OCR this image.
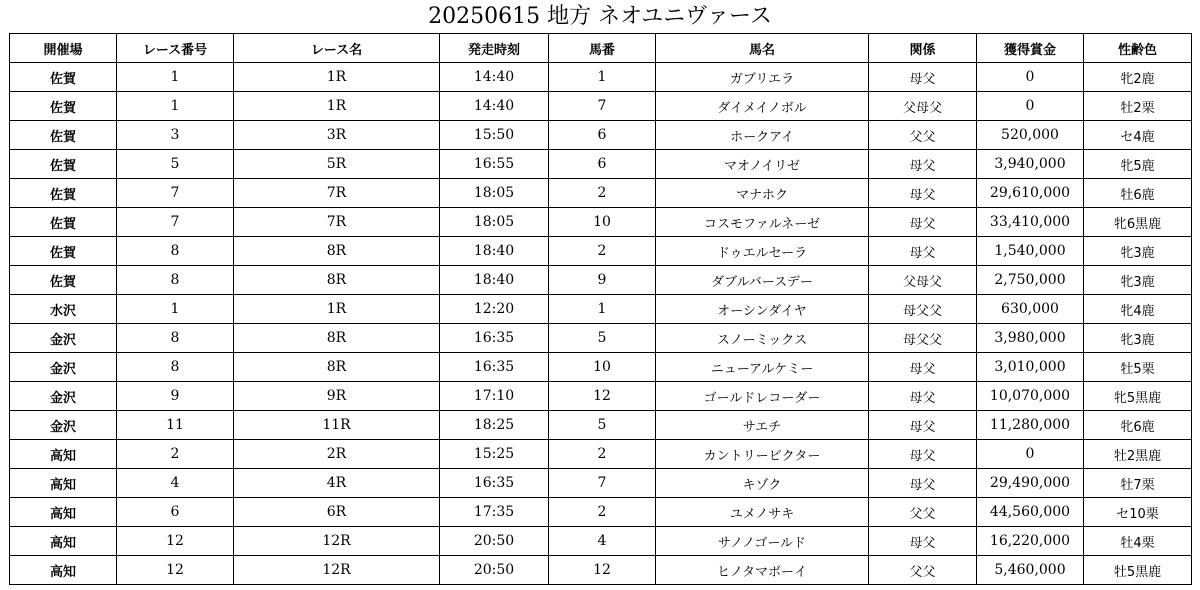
20250615 地方 ネオユニヴァース
開催場	レース番号	レース名	発走時刻	馬番	馬名	関係	獲得賞金	性齢色
佐賀	1	1R	14:40	1	ガブリエラ	母父	0	牝2鹿
佐賀	1	1R	14:40	7	ダイメイノボル	父母父	0	牡2栗
佐賀	3	3R	15:50	6	ホークアイ	父父	520,000	セ4鹿
佐賀	5	5R	16:55	6	マオノイリゼ	母父	3,940,000	牝5鹿
佐賀	7	7R	18:05	2	マナホク	母父	29,610,000	牡6鹿
佐賀	7	7R	18:05	10	コスモファルネーゼ	母父	33,410,000	牝6黒鹿
佐賀	8	8R	18:40	2	ドゥエルセーラ	母父	1,540,000	牝3鹿
佐賀	8	8R	18:40	9	ダブルバースデー	父母父	2,750,000	牝3鹿
水沢	1	1R	12:20	1	オーシンダイヤ	母父父	630,000	牝4鹿
金沢	8	8R	16:35	5	スノーミックス	母父父	3,980,000	牝3鹿
金沢	8	8R	16:35	10	ニューアルケミー	母父	3,010,000	牡5栗
金沢	9	9R	17:10	12	ゴールドレコーダー	母父	10,070,000	牝5黒鹿
金沢	11	11R	18:25	5	サエチ	母父	11,280,000	牝6鹿
高知	2	2R	15:25	2	カントリービクター	母父	0	牡2黒鹿
高知	4	4R	16:35	7	キゾク	母父	29,490,000	牡7栗
高知	6	6R	17:35	2	ユメノサキ	父父	44,560,000	セ10栗
高知	12	12R	20:50	4	サノノゴールド	母父	16,220,000	牡4栗
高知	12	12R	20:50	12	ヒノタマボーイ	父父	5,460,000	牡5黒鹿
